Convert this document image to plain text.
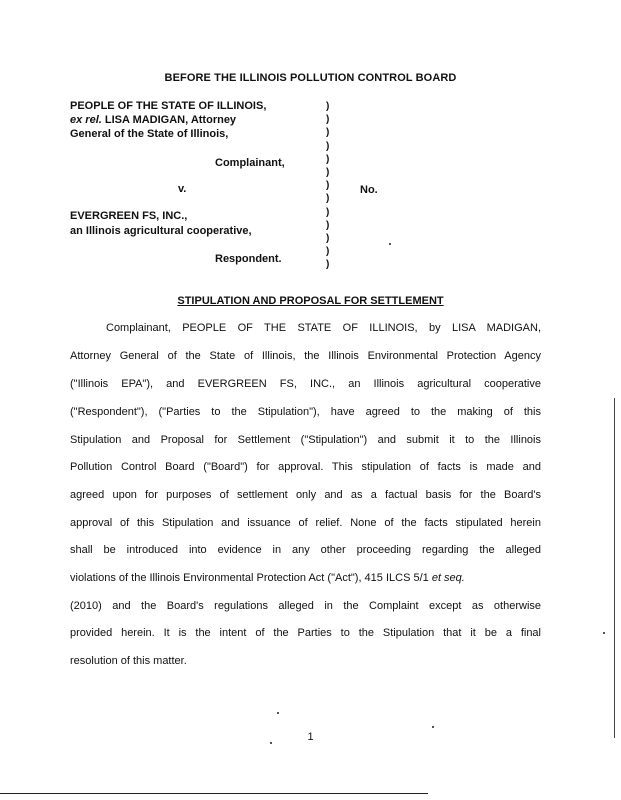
BEFORE THE ILLINOIS POLLUTION CONTROL BOARD
PEOPLE OF THE STATE OF ILLINOIS,
ex rel. LISA MADIGAN, Attorney
General of the State of Illinois,
Complainant,
v.
EVERGREEN FS, INC.,
an Illinois agricultural cooperative,
Respondent.
)
)
)
)
)
)
)
)
)
)
)
)
)
No.
STIPULATION AND PROPOSAL FOR SETTLEMENT
Complainant, PEOPLE OF THE STATE OF ILLINOIS, by LISA MADIGAN,
Attorney General of the State of Illinois, the Illinois Environmental Protection Agency
("Illinois EPA"), and EVERGREEN FS, INC., an Illinois agricultural cooperative
("Respondent"), ("Parties to the Stipulation"), have agreed to the making of this
Stipulation and Proposal for Settlement ("Stipulation") and submit it to the Illinois
Pollution Control Board ("Board") for approval. This stipulation of facts is made and
agreed upon for purposes of settlement only and as a factual basis for the Board's
approval of this Stipulation and issuance of relief. None of the facts stipulated herein
shall be introduced into evidence in any other proceeding regarding the alleged
violations of the Illinois Environmental Protection Act ("Act"), 415 ILCS 5/1 et seq.
(2010) and the Board's regulations alleged in the Complaint except as otherwise
provided herein. It is the intent of the Parties to the Stipulation that it be a final
resolution of this matter.
1
